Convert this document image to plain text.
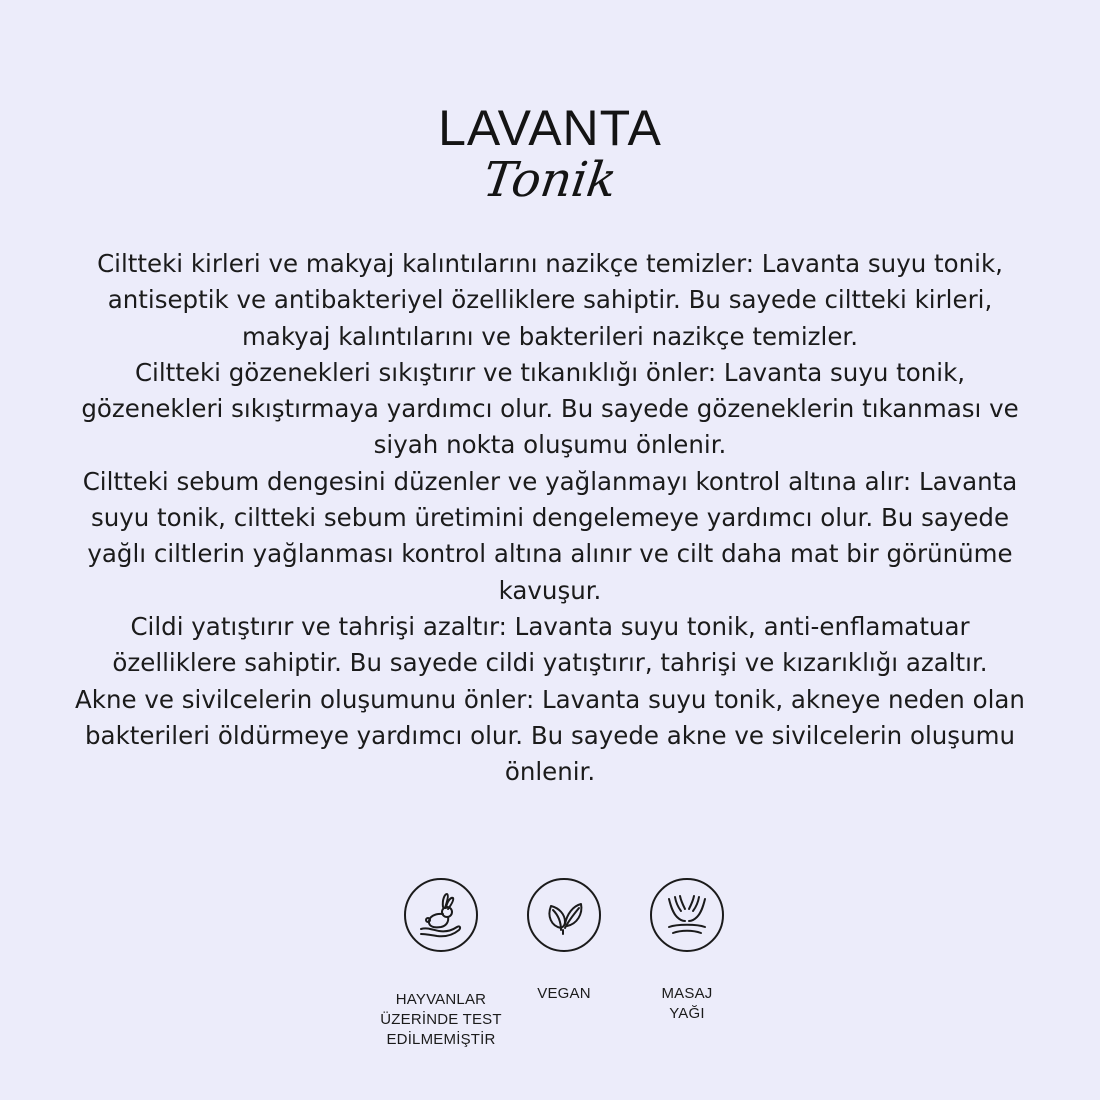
LAVANTA
Tonik

Ciltteki kirleri ve makyaj kalıntılarını nazikçe temizler: Lavanta suyu tonik, antiseptik ve antibakteriyel özelliklere sahiptir. Bu sayede ciltteki kirleri, makyaj kalıntılarını ve bakterileri nazikçe temizler.

Ciltteki gözenekleri sıkıştırır ve tıkanıklığı önler: Lavanta suyu tonik, gözenekleri sıkıştırmaya yardımcı olur. Bu sayede gözeneklerin tıkanması ve siyah nokta oluşumu önlenir.

Ciltteki sebum dengesini düzenler ve yağlanmayı kontrol altına alır: Lavanta suyu tonik, ciltteki sebum üretimini dengelemeye yardımcı olur. Bu sayede yağlı ciltlerin yağlanması kontrol altına alınır ve cilt daha mat bir görünüme kavuşur.

Cildi yatıştırır ve tahrişi azaltır: Lavanta suyu tonik, anti-enflamatuar özelliklere sahiptir. Bu sayede cildi yatıştırır, tahrişi ve kızarıklığı azaltır.

Akne ve sivilcelerin oluşumunu önler: Lavanta suyu tonik, akneye neden olan bakterileri öldürmeye yardımcı olur. Bu sayede akne ve sivilcelerin oluşumu önlenir.

HAYVANLAR
ÜZERİNDE TEST
EDİLMEMİŞTİR
VEGAN	MASAJ
YAĞI
